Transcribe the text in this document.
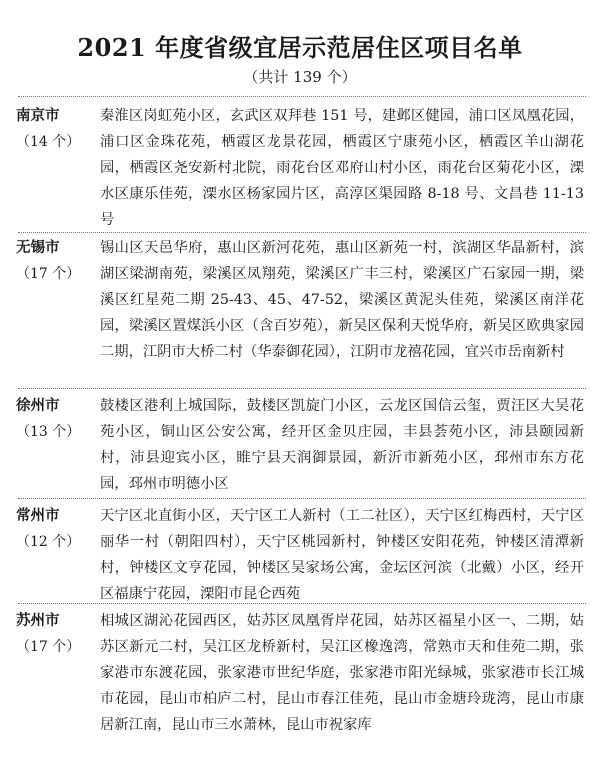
2021 年度省级宜居示范居住区项目名单
（共计 139 个）
南京市
（14 个）
秦淮区岗虹苑小区，玄武区双拜巷 151 号，建邺区健园，浦口区凤凰花园，浦口区金珠花苑，栖霞区龙景花园，栖霞区宁康苑小区，栖霞区羊山湖花园，栖霞区尧安新村北院，雨花台区邓府山村小区，雨花台区菊花小区，溧水区康乐佳苑，溧水区杨家园片区，高淳区渠园路 8-18 号、文昌巷 11-13 号
无锡市
（17 个）
锡山区天邑华府，惠山区新河花苑，惠山区新苑一村，滨湖区华晶新村，滨湖区梁湖南苑，梁溪区凤翔苑，梁溪区广丰三村，梁溪区广石家园一期，梁溪区红星苑二期 25-43、45、47-52，梁溪区黄泥头佳苑，梁溪区南洋花园，梁溪区置煤浜小区（含百岁苑），新吴区保利天悦华府，新吴区欧典家园二期，江阴市大桥二村（华泰御花园），江阴市龙禧花园，宜兴市岳南新村
徐州市
（13 个）
鼓楼区港利上城国际，鼓楼区凯旋门小区，云龙区国信云玺，贾汪区大吴花苑小区，铜山区公安公寓，经开区金贝庄园，丰县荟苑小区，沛县颐园新村，沛县迎宾小区，睢宁县天润御景园，新沂市新苑小区，邳州市东方花园，邳州市明德小区
常州市
（12 个）
天宁区北直街小区，天宁区工人新村（工二社区），天宁区红梅西村，天宁区丽华一村（朝阳四村），天宁区桃园新村，钟楼区安阳花苑，钟楼区清潭新村，钟楼区文亨花园，钟楼区吴家场公寓，金坛区河滨（北戴）小区，经开区福康宁花园，溧阳市昆仑西苑
苏州市
（17 个）
相城区湖沁花园西区，姑苏区凤凰胥岸花园，姑苏区福星小区一、二期，姑苏区新元二村，吴江区龙桥新村，吴江区橡逸湾，常熟市天和佳苑二期，张家港市东渡花园，张家港市世纪华庭，张家港市阳光绿城，张家港市长江城市花园，昆山市柏庐二村，昆山市春江佳苑，昆山市金塘玲珑湾，昆山市康居新江南，昆山市三水萧林，昆山市祝家库
